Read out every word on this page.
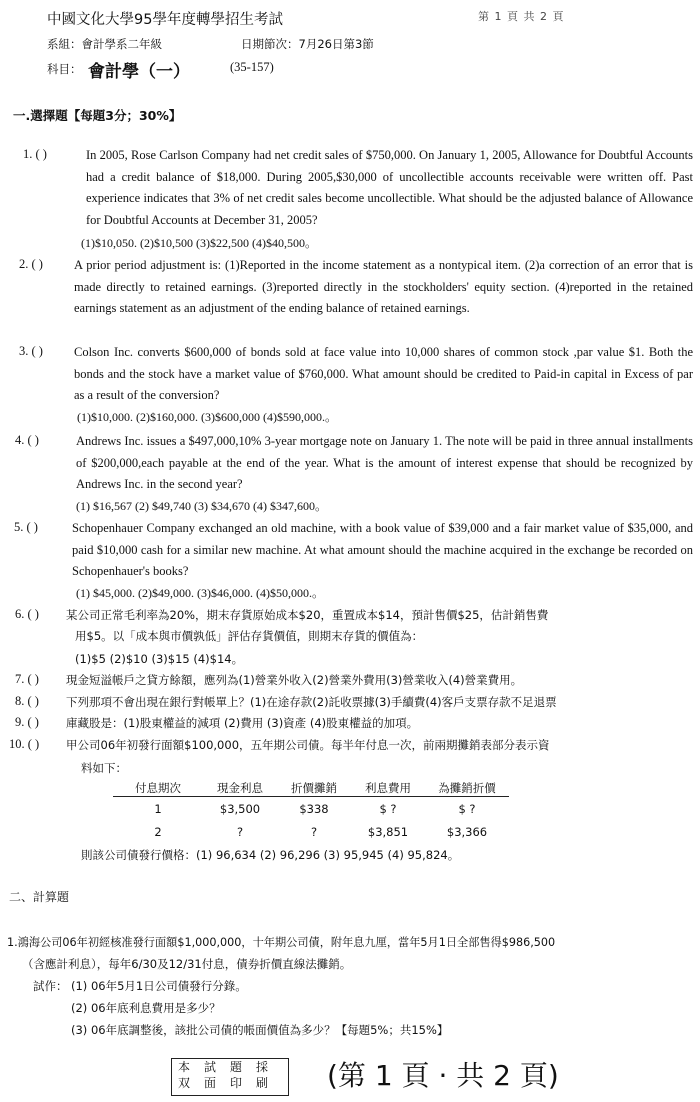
中國文化大學95學年度轉學招生考試	第 1 頁 共 2 頁
系組：會計學系二年級	日期節次：7月26日第3節
科目： 會計學（一）	(35-157)
一.選擇題【每題3分；30%】
1. ( )	In 2005, Rose Carlson Company had net credit sales of $750,000. On January 1, 2005, Allowance for Doubtful Accounts had a credit balance of $18,000. During 2005,$30,000 of uncollectible accounts receivable were written off. Past experience indicates that 3% of net credit sales become uncollectible. What should be the adjusted balance of Allowance for Doubtful Accounts at December 31, 2005?
(1)$10,050. (2)$10,500 (3)$22,500 (4)$40,500。
2. ( ) A prior period adjustment is: (1)Reported in the income statement as a nontypical item. (2)a correction of an error that is made directly to retained earnings. (3)reported directly in the stockholders' equity section. (4)reported in the retained earnings statement as an adjustment of the ending balance of retained earnings.
3. ( ) Colson Inc. converts $600,000 of bonds sold at face value into 10,000 shares of common stock ,par value $1. Both the bonds and the stock have a market value of $760,000. What amount should be credited to Paid-in capital in Excess of par as a result of the conversion?
(1)$10,000. (2)$160,000. (3)$600,000 (4)$590,000.。
4. ( )	Andrews Inc. issues a $497,000,10% 3-year mortgage note on January 1. The note will be paid in three annual installments of $200,000,each payable at the end of the year. What is the amount of interest expense that should be recognized by Andrews Inc. in the second year?
(1) $16,567 (2) $49,740 (3) $34,670 (4) $347,600。
5. ( )	Schopenhauer Company exchanged an old machine, with a book value of $39,000 and a fair market value of $35,000, and paid $10,000 cash for a similar new machine. At what amount should the machine acquired in the exchange be recorded on Schopenhauer's books?
(1) $45,000. (2)$49,000. (3)$46,000. (4)$50,000.。
6. ( ) 某公司正常毛利率為20%，期末存貨原始成本$20，重置成本$14，預計售價$25，估計銷售費
用$5。以「成本與市價孰低」評估存貨價值，則期末存貨的價值為：
(1)$5 (2)$10 (3)$15 (4)$14。
7. ( ) 現金短溢帳戶之貸方餘額，應列為(1)營業外收入(2)營業外費用(3)營業收入(4)營業費用。
8. ( ) 下列那項不會出現在銀行對帳單上？(1)在途存款(2)託收票據(3)手續費(4)客戶支票存款不足退票
9. ( ) 庫藏股是：(1)股東權益的減項 (2)費用 (3)資產 (4)股東權益的加項。
10. ( ) 甲公司06年初發行面額$100,000，五年期公司債。每半年付息一次，前兩期攤銷表部分表示資
料如下：
付息期次	現金利息	折價攤銷	利息費用	為攤銷折價
1	$3,500	$338	$ ?	$ ?
2	?	?	$3,851	$3,366
則該公司債發行價格：(1) 96,634 (2) 96,296 (3) 95,945 (4) 95,824。
二、計算題
1.鴻海公司06年初經核准發行面額$1,000,000，十年期公司債，附年息九厘，當年5月1日全部售得$986,500
（含應計利息），每年6/30及12/31付息，債券折價直線法攤銷。
試作： (1) 06年5月1日公司債發行分錄。
(2) 06年底利息費用是多少？
(3) 06年底調整後，該批公司債的帳面價值為多少？【每題5%；共15%】
本試題採
双面印刷 (第 1 頁 · 共 2 頁)
